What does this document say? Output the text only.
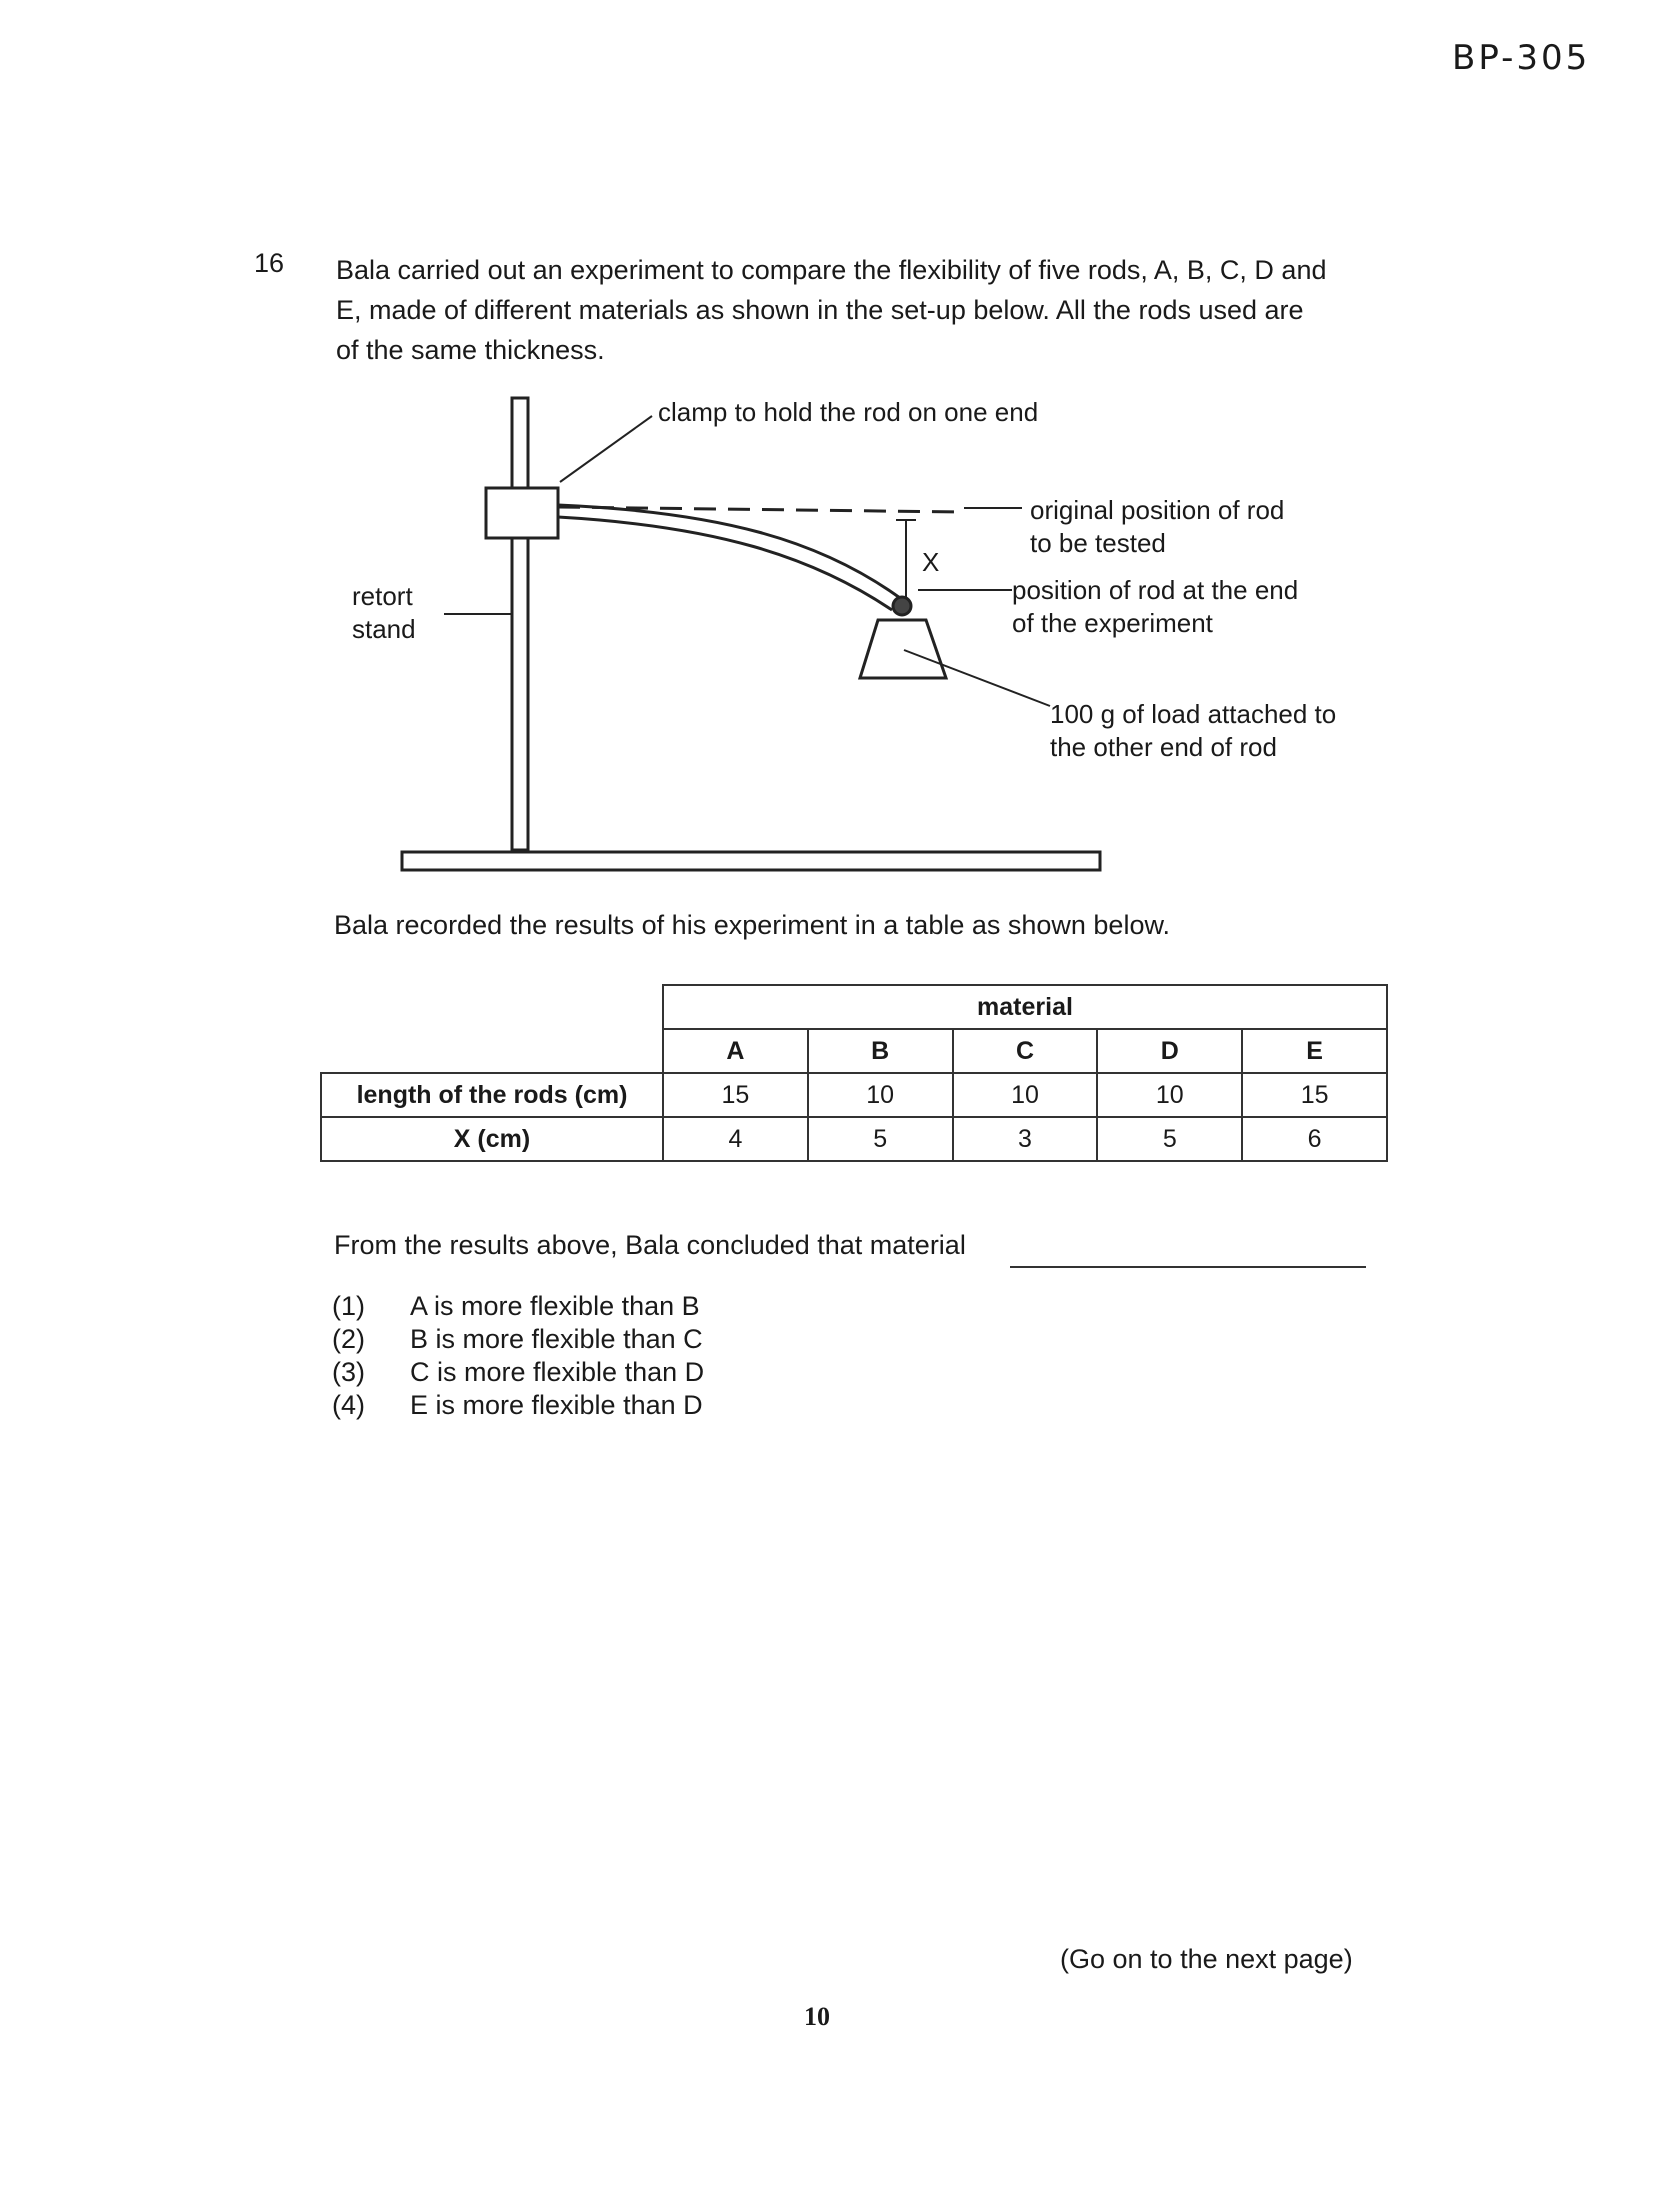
BP-305
16 Bala carried out an experiment to compare the flexibility of five rods, A, B, C, D and
E, made of different materials as shown in the set-up below. All the rods used are
of the same thickness.
clamp to hold the rod on one end
original position of rod
to be tested
X
position of rod at the end
of the experiment
retort
stand
100 g of load attached to
the other end of rod
Bala recorded the results of his experiment in a table as shown below.
	material				
	A	B	C	D	E
length of the rods (cm)	15	10	10	10	15
X (cm)	4	5	3	5	6
From the results above, Bala concluded that material
(1)	A is more flexible than B
(2)	B is more flexible than C
(3)	C is more flexible than D
(4)	E is more flexible than D
(Go on to the next page)
10
